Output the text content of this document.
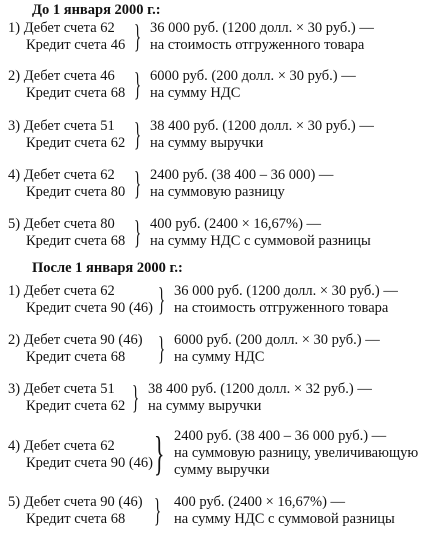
До 1 января 2000 г.:
1) Дебет счета 62
Кредит счета 46 } 36 000 руб. (1200 долл. × 30 руб.) —
на стоимость отгруженного товара
2) Дебет счета 46
Кредит счета 68 } 6000 руб. (200 долл. × 30 руб.) —
на сумму НДС
3) Дебет счета 51
Кредит счета 62 } 38 400 руб. (1200 долл. × 30 руб.) —
на сумму выручки
4) Дебет счета 62
Кредит счета 80 } 2400 руб. (38 400 – 36 000) —
на суммовую разницу
5) Дебет счета 80
Кредит счета 68 } 400 руб. (2400 × 16,67%) —
на сумму НДС с суммовой разницы
После 1 января 2000 г.:
1) Дебет счета 62
Кредит счета 90 (46) } 36 000 руб. (1200 долл. × 30 руб.) —
на стоимость отгруженного товара
2) Дебет счета 90 (46)
Кредит счета 68 } 6000 руб. (200 долл. × 30 руб.) —
на сумму НДС
3) Дебет счета 51
Кредит счета 62 } 38 400 руб. (1200 долл. × 32 руб.) —
на сумму выручки
4) Дебет счета 62
Кредит счета 90 (46) } 2400 руб. (38 400 – 36 000 руб.) —
на суммовую разницу, увеличивающую
сумму выручки
5) Дебет счета 90 (46)
Кредит счета 68 } 400 руб. (2400 × 16,67%) —
на сумму НДС с суммовой разницы
